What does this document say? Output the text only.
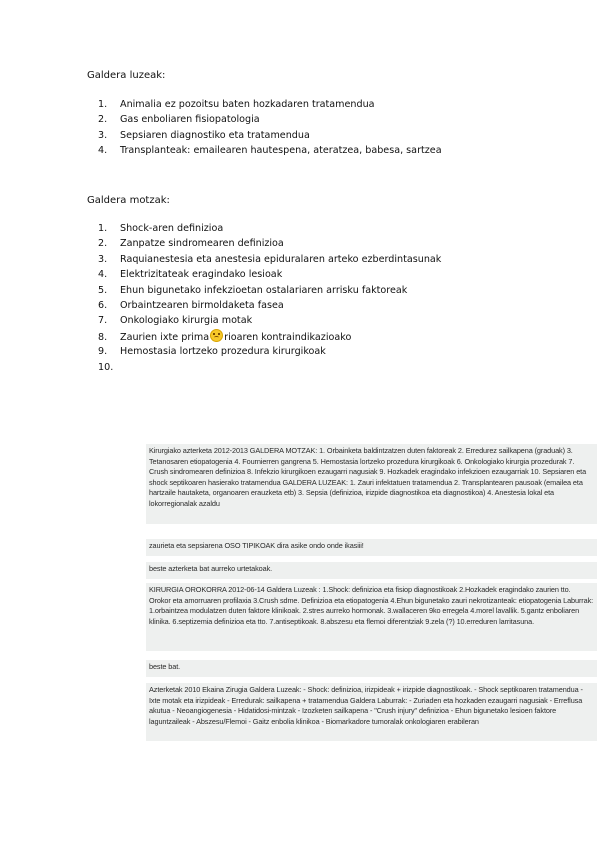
Galdera luzeak:
1. Animalia ez pozoitsu baten hozkadaren tratamendua
2. Gas enboliaren fisiopatologia
3. Sepsiaren diagnostiko eta tratamendua
4. Transplanteak: emailearen hautespena, ateratzea, babesa, sartzea
Galdera motzak:
1. Shock-aren definizioa
2. Zanpatze sindromearen definizioa
3. Raquianestesia eta anestesia epiduralaren arteko ezberdintasunak
4. Elektrizitateak eragindako lesioak
5. Ehun bigunetako infekzioetan ostalariaren arrisku faktoreak
6. Orbaintzearen birmoldaketa fasea
7. Onkologiako kirurgia motak
8. Zaurien ixte prima rioaren kontraindikazioako
9. Hemostasia lortzeko prozedura kirurgikoak
10.

Kirurgiako azterketa 2012-2013 GALDERA MOTZAK: 1. Orbainketa baldintzatzen duten faktoreak 2. Erredurez sailkapena (graduak) 3. Tetanosaren etiopatogenia 4. Fournierren gangrena 5. Hemostasia lortzeko prozedura kirurgikoak 6. Onkologiako kirurgia prozedurak 7. Crush sindromearen definizioa 8. Infekzio kirurgikoen ezaugarri nagusiak 9. Hozkadek eragindako infekzioen ezaugarriak 10. Sepsiaren eta shock septikoaren hasierako tratamendua GALDERA LUZEAK: 1. Zauri infektatuen tratamendua 2. Transplantearen pausoak (emailea eta hartzaile hautaketa, organoaren erauzketa etb) 3. Sepsia (definizioa, irizpide diagnostikoa eta diagnostikoa) 4. Anestesia lokal eta lokorregionalak azaldu

zaurieta eta sepsiarena OSO TIPIKOAK dira asike ondo onde ikasiii!

beste azterketa bat aurreko urtetakoak.

KIRURGIA OROKORRA 2012-06-14 Galdera Luzeak : 1.Shock: definizioa eta fisiop diagnostikoak 2.Hozkadek eragindako zaurien tto. Orokor eta amorruaren profilaxia 3.Crush sdme. Definizioa eta etiopatogenia 4.Ehun bigunetako zauri nekrotizanteak: etiopatogenia Laburrak: 1.orbaintzea modulatzen duten faktore klinikoak. 2.stres aurreko hormonak. 3.wallaceren 9ko erregela 4.morel lavallik. 5.gantz enboliaren klinika. 6.septizemia definizioa eta tto. 7.antiseptikoak. 8.abszesu eta flemoi diferentziak 9.zela (?) 10.erreduren larritasuna.

beste bat.

Azterketak 2010 Ekaina Zirugia Galdera Luzeak: - Shock: definizioa, irizpideak + irizpide diagnostikoak. - Shock septikoaren tratamendua - Ixte motak eta irizpideak - Erredurak: sailkapena + tratamendua Galdera Laburrak: - Zuriaden eta hozkaden ezaugarri nagusiak - Erreflusa akutua - Neoangiogenesia - Hidatidosi-mintzak - Izozketen sailkapena - "Crush injury" definizioa - Ehun bigunetako lesioen faktore laguntzaileak - Abszesu/Flemoi - Gaitz enbolia klinikoa - Biomarkadore tumoralak onkologiaren erabileran
